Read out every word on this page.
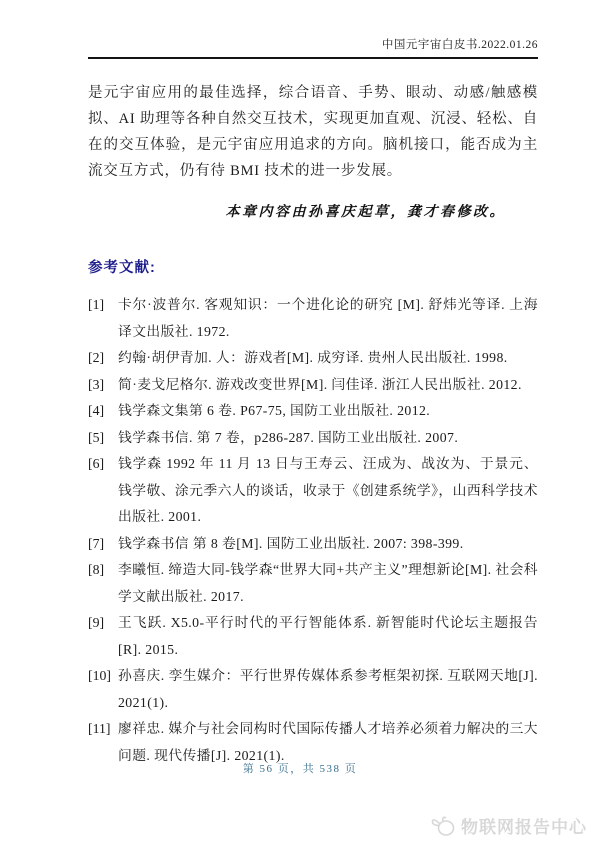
中国元宇宙白皮书.2022.01.26

是元宇宙应用的最佳选择，综合语音、手势、眼动、动感/触感模拟、AI 助理等各种自然交互技术，实现更加直观、沉浸、轻松、自在的交互体验，是元宇宙应用追求的方向。脑机接口，能否成为主流交互方式，仍有待 BMI 技术的进一步发展。

本章内容由孙喜庆起草，龚才春修改。

参考文献:
[1]	卡尔·波普尔. 客观知识：一个进化论的研究 [M]. 舒炜光等译. 上海译文出版社. 1972.
[2]	约翰·胡伊青加. 人：游戏者[M]. 成穷译. 贵州人民出版社. 1998.
[3]	简·麦戈尼格尔. 游戏改变世界[M]. 闫佳译. 浙江人民出版社. 2012.
[4]	钱学森文集第 6 卷. P67-75, 国防工业出版社. 2012.
[5]	钱学森书信. 第 7 卷，p286-287. 国防工业出版社. 2007.
[6]	钱学森 1992 年 11 月 13 日与王寿云、汪成为、战汝为、于景元、钱学敬、涂元季六人的谈话，收录于《创建系统学》，山西科学技术出版社. 2001.
[7]	钱学森书信 第 8 卷[M]. 国防工业出版社. 2007: 398-399.
[8]	李曦恒. 缔造大同-钱学森“世界大同+共产主义”理想新论[M]. 社会科学文献出版社. 2017.
[9]	王飞跃. X5.0-平行时代的平行智能体系. 新智能时代论坛主题报告[R]. 2015.
[10] 孙喜庆. 孪生媒介：平行世界传媒体系参考框架初探. 互联网天地[J]. 2021(1).
[11] 廖祥忠. 媒介与社会同构时代国际传播人才培养必须着力解决的三大问题. 现代传播[J]. 2021(1).
第 56 页，共 538 页
物联网报告中心
